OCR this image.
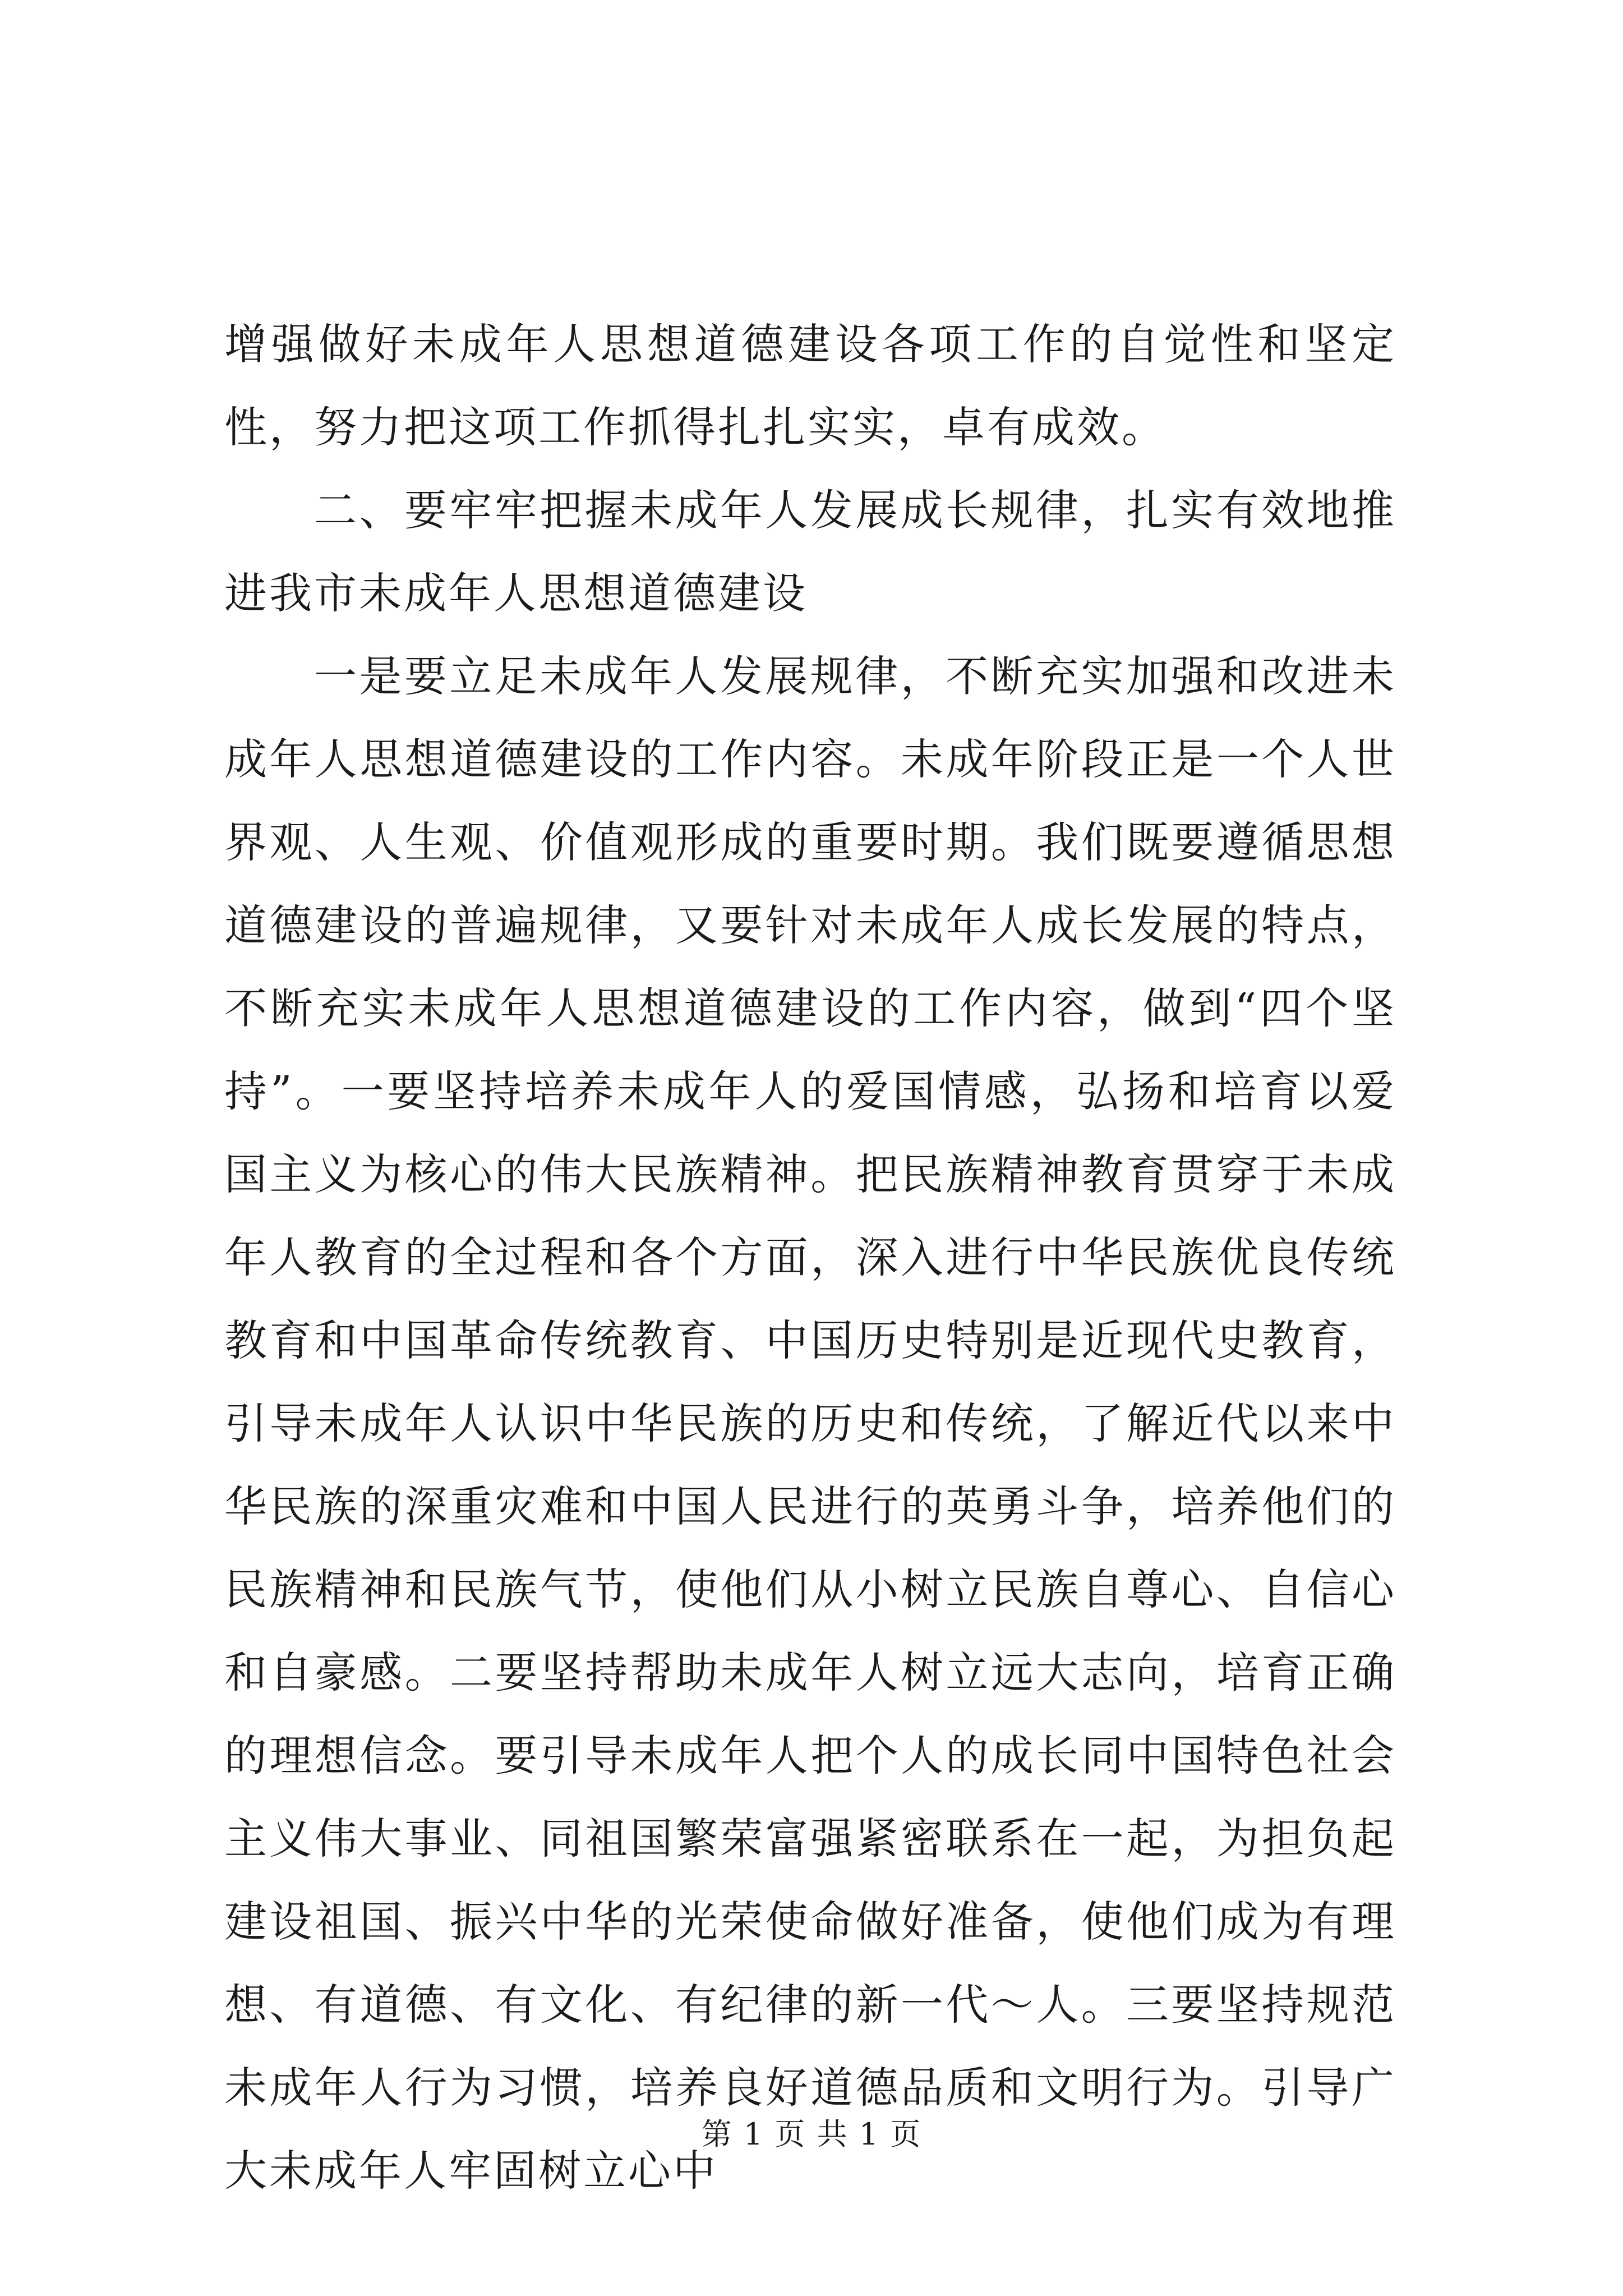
增强做好未成年人思想道德建设各项工作的自觉性和坚定性，努力把这项工作抓得扎扎实实，卓有成效。

二、要牢牢把握未成年人发展成长规律，扎实有效地推进我市未成年人思想道德建设

一是要立足未成年人发展规律，不断充实加强和改进未成年人思想道德建设的工作内容。未成年阶段正是一个人世界观、人生观、价值观形成的重要时期。我们既要遵循思想道德建设的普遍规律，又要针对未成年人成长发展的特点，不断充实未成年人思想道德建设的工作内容，做到“四个坚持”。一要坚持培养未成年人的爱国情感，弘扬和培育以爱国主义为核心的伟大民族精神。把民族精神教育贯穿于未成年人教育的全过程和各个方面，深入进行中华民族优良传统教育和中国革命传统教育、中国历史特别是近现代史教育，引导未成年人认识中华民族的历史和传统，了解近代以来中华民族的深重灾难和中国人民进行的英勇斗争，培养他们的民族精神和民族气节，使他们从小树立民族自尊心、自信心和自豪感。二要坚持帮助未成年人树立远大志向，培育正确的理想信念。要引导未成年人把个人的成长同中国特色社会主义伟大事业、同祖国繁荣富强紧密联系在一起，为担负起建设祖国、振兴中华的光荣使命做好准备，使他们成为有理想、有道德、有文化、有纪律的新一代～人。三要坚持规范未成年人行为习惯，培养良好道德品质和文明行为。引导广大未成年人牢固树立心中

第 1 页 共 1 页
